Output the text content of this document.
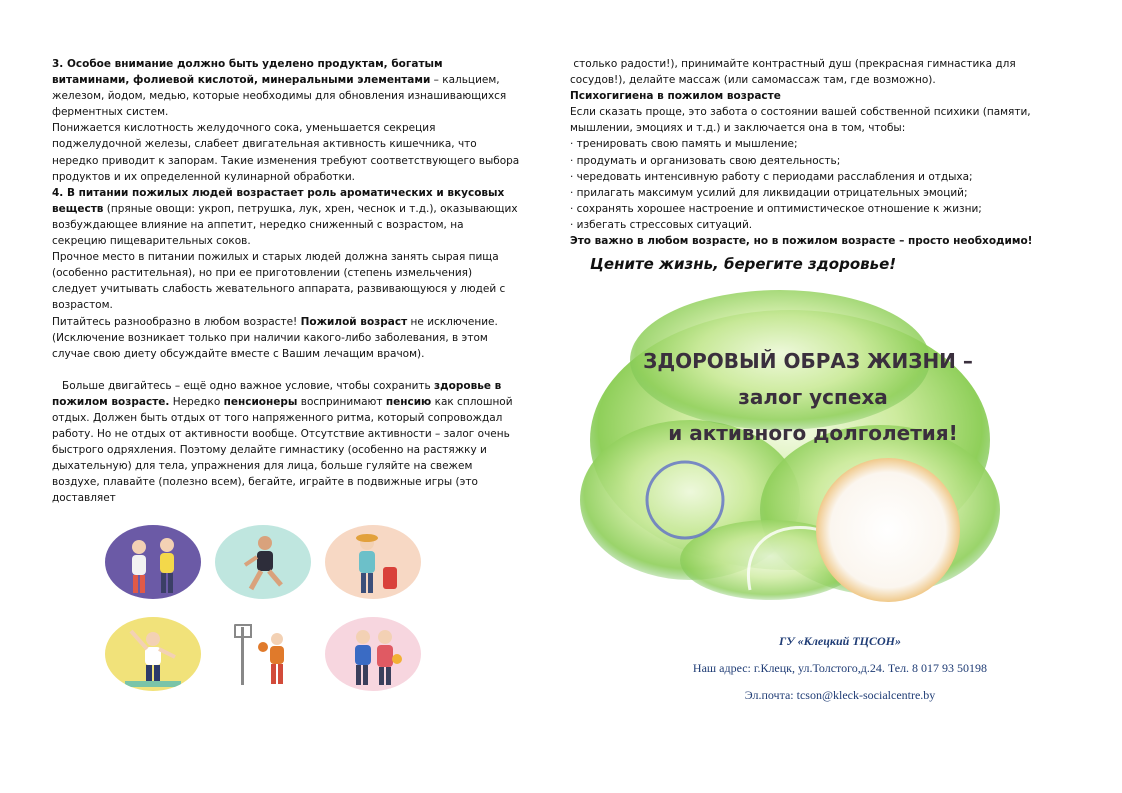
3. Особое внимание должно быть уделено продуктам, богатым витаминами, фолиевой кислотой, минеральными элементами – кальцием, железом, йодом, медью, которые необходимы для обновления изнашивающихся ферментных систем.

Понижается кислотность желудочного сока, уменьшается секреция поджелудочной железы, слабеет двигательная активность кишечника, что нередко приводит к запорам. Такие изменения требуют соответствующего выбора продуктов и их определенной кулинарной обработки.

4. В питании пожилых людей возрастает роль ароматических и вкусовых веществ (пряные овощи: укроп, петрушка, лук, хрен, чеснок и т.д.), оказывающих возбуждающее влияние на аппетит, нередко сниженный с возрастом, на секрецию пищеварительных соков.

Прочное место в питании пожилых и старых людей должна занять сырая пища (особенно растительная), но при ее приготовлении (степень измельчения) следует учитывать слабость жевательного аппарата, развивающуюся у людей с возрастом.

Питайтесь разнообразно в любом возрасте! Пожилой возраст не исключение.

(Исключение возникает только при наличии какого-либо заболевания, в этом случае свою диету обсуждайте вместе с Вашим лечащим врачом).

Больше двигайтесь – ещё одно важное условие, чтобы сохранить здоровье в пожилом возрасте. Нередко пенсионеры воспринимают пенсию как сплошной отдых. Должен быть отдых от того напряженного ритма, который сопровождал работу. Но не отдых от активности вообще. Отсутствие активности – залог очень быстрого одряхления. Поэтому делайте гимнастику (особенно на растяжку и дыхательную) для тела, упражнения для лица, больше гуляйте на свежем воздухе, плавайте (полезно всем), бегайте, играйте в подвижные игры (это доставляет

столько радости!), принимайте контрастный душ (прекрасная гимнастика для сосудов!), делайте массаж (или самомассаж там, где возможно).

Психогигиена в пожилом возрасте

Если сказать проще, это забота о состоянии вашей собственной психики (памяти, мышлении, эмоциях и т.д.) и заключается она в том, чтобы:

· тренировать свою память и мышление;

· продумать и организовать свою деятельность;

· чередовать интенсивную работу с периодами расслабления и отдыха;

· прилагать максимум усилий для ликвидации отрицательных эмоций;

· сохранять хорошее настроение и оптимистическое отношение к жизни;

· избегать стрессовых ситуаций.

Это важно в любом возрасте, но в пожилом возрасте – просто необходимо!

Цените жизнь, берегите здоровье!
ЗДОРОВЫЙ ОБРАЗ ЖИЗНИ –
залог успеха
и активного долголетия!
ГУ «Клецкий ТЦСОН»
Наш адрес: г.Клецк, ул.Толстого,д.24. Тел. 8 017 93 50198
Эл.почта: tcson@kleck-socialcentre.by
